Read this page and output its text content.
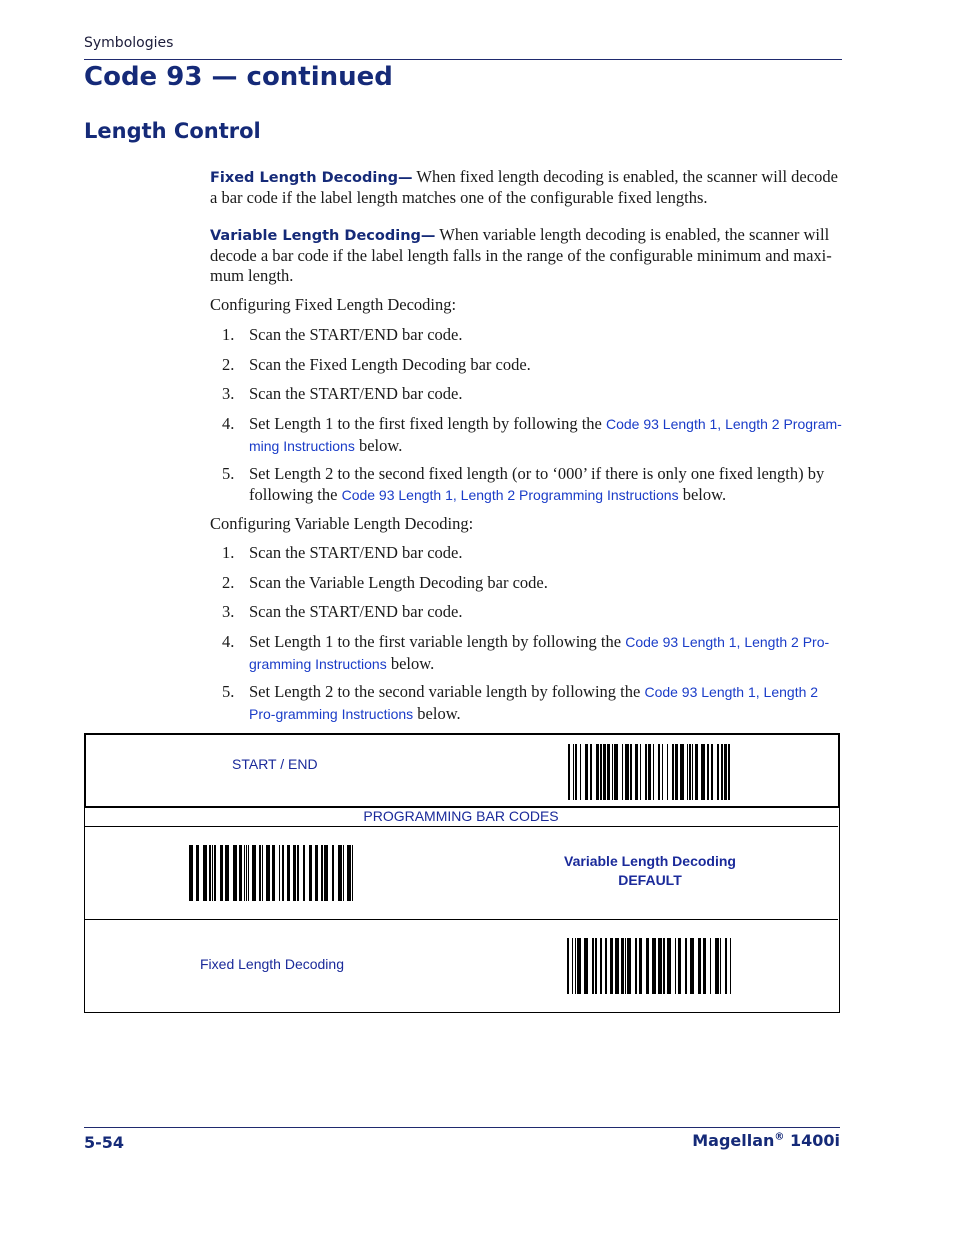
Symbologies
Code 93 — continued
Length Control
Fixed Length Decoding— When fixed length decoding is enabled, the scanner will decode a bar code if the label length matches one of the configurable fixed lengths.
Variable Length Decoding— When variable length decoding is enabled, the scanner will decode a bar code if the label length falls in the range of the configurable minimum and maxi-mum length.
Configuring Fixed Length Decoding:
1. Scan the START/END bar code.
2. Scan the Fixed Length Decoding bar code.
3. Scan the START/END bar code.
4. Set Length 1 to the first fixed length by following the Code 93 Length 1, Length 2 Program-ming Instructions below.
5. Set Length 2 to the second fixed length (or to ‘000’ if there is only one fixed length) by following the Code 93 Length 1, Length 2 Programming Instructions below.
Configuring Variable Length Decoding:
1. Scan the START/END bar code.
2. Scan the Variable Length Decoding bar code.
3. Scan the START/END bar code.
4. Set Length 1 to the first variable length by following the Code 93 Length 1, Length 2 Pro-gramming Instructions below.
5. Set Length 2 to the second variable length by following the Code 93 Length 1, Length 2 Pro-gramming Instructions below.
START / END
PROGRAMMING BAR CODES
Variable Length Decoding
DEFAULT
Fixed Length Decoding
5-54	Magellan® 1400i
